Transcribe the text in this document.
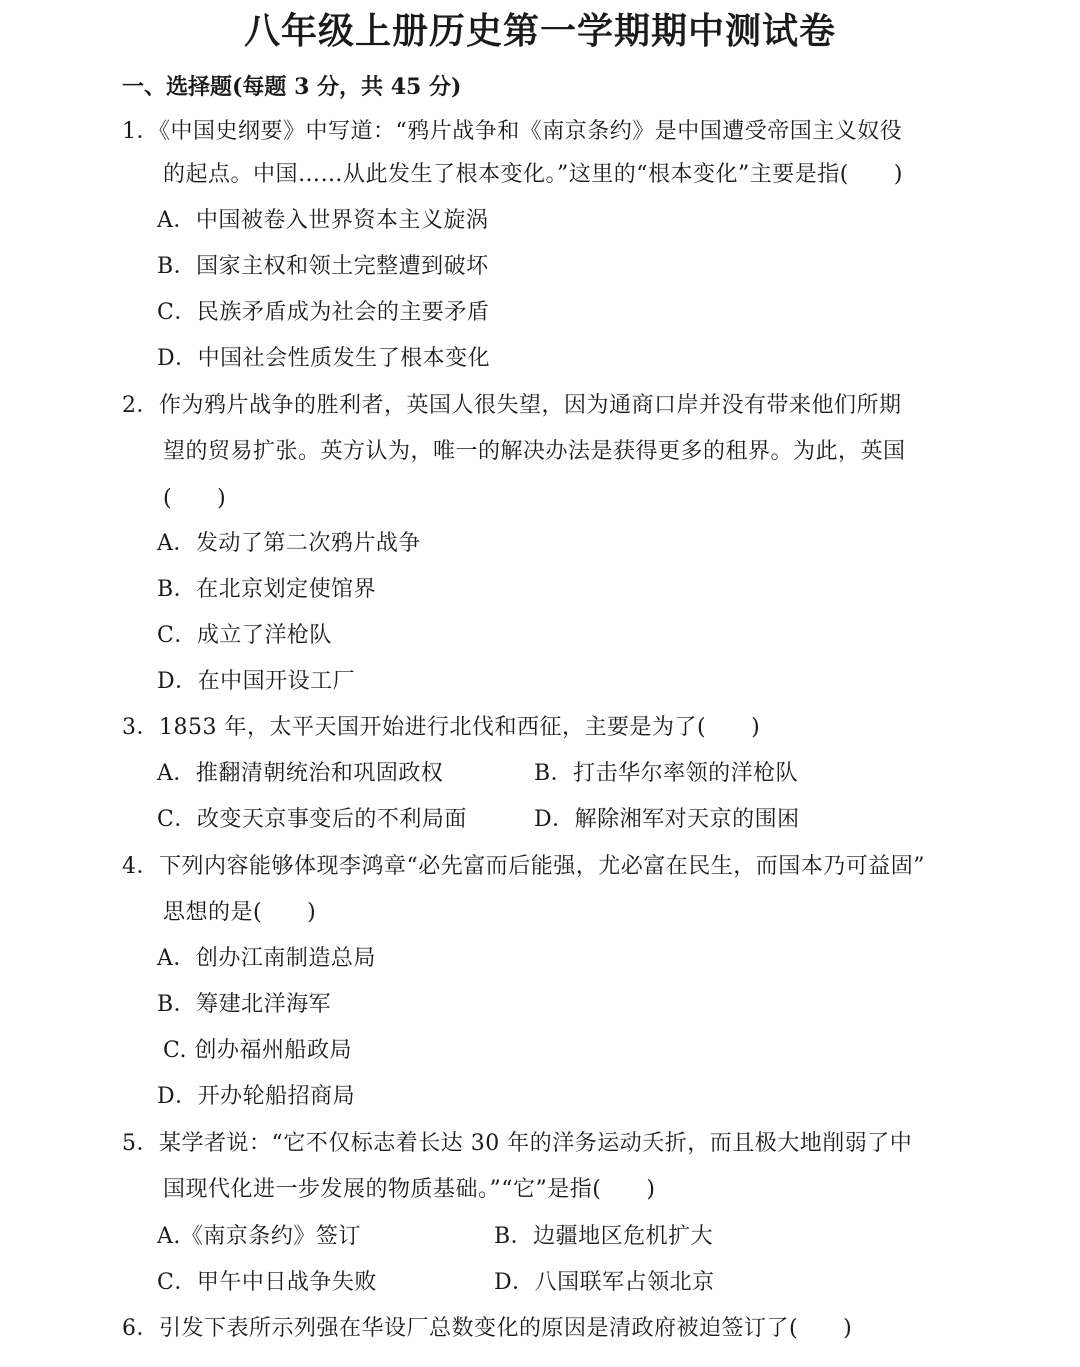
八年级上册历史第一学期期中测试卷
一、选择题(每题 3 分，共 45 分)
1．《中国史纲要》中写道：“鸦片战争和《南京条约》是中国遭受帝国主义奴役
的起点。中国……从此发生了根本变化。”这里的“根本变化”主要是指(　　)
A．中国被卷入世界资本主义旋涡
B．国家主权和领土完整遭到破坏
C．民族矛盾成为社会的主要矛盾
D．中国社会性质发生了根本变化
2．作为鸦片战争的胜利者，英国人很失望，因为通商口岸并没有带来他们所期
望的贸易扩张。英方认为，唯一的解决办法是获得更多的租界。为此，英国
(　　)
A．发动了第二次鸦片战争
B．在北京划定使馆界
C．成立了洋枪队
D．在中国开设工厂
3．1853 年，太平天国开始进行北伐和西征，主要是为了(　　)
A．推翻清朝统治和巩固政权	B．打击华尔率领的洋枪队
C．改变天京事变后的不利局面	D．解除湘军对天京的围困
4．下列内容能够体现李鸿章“必先富而后能强，尤必富在民生，而国本乃可益固”
思想的是(　　)
A．创办江南制造总局
B．筹建北洋海军
C. 创办福州船政局
D．开办轮船招商局
5．某学者说：“它不仅标志着长达 30 年的洋务运动夭折，而且极大地削弱了中
国现代化进一步发展的物质基础。”“它”是指(　　)
A.《南京条约》签订	B．边疆地区危机扩大
C．甲午中日战争失败	D．八国联军占领北京
6．引发下表所示列强在华设厂总数变化的原因是清政府被迫签订了(　　)
